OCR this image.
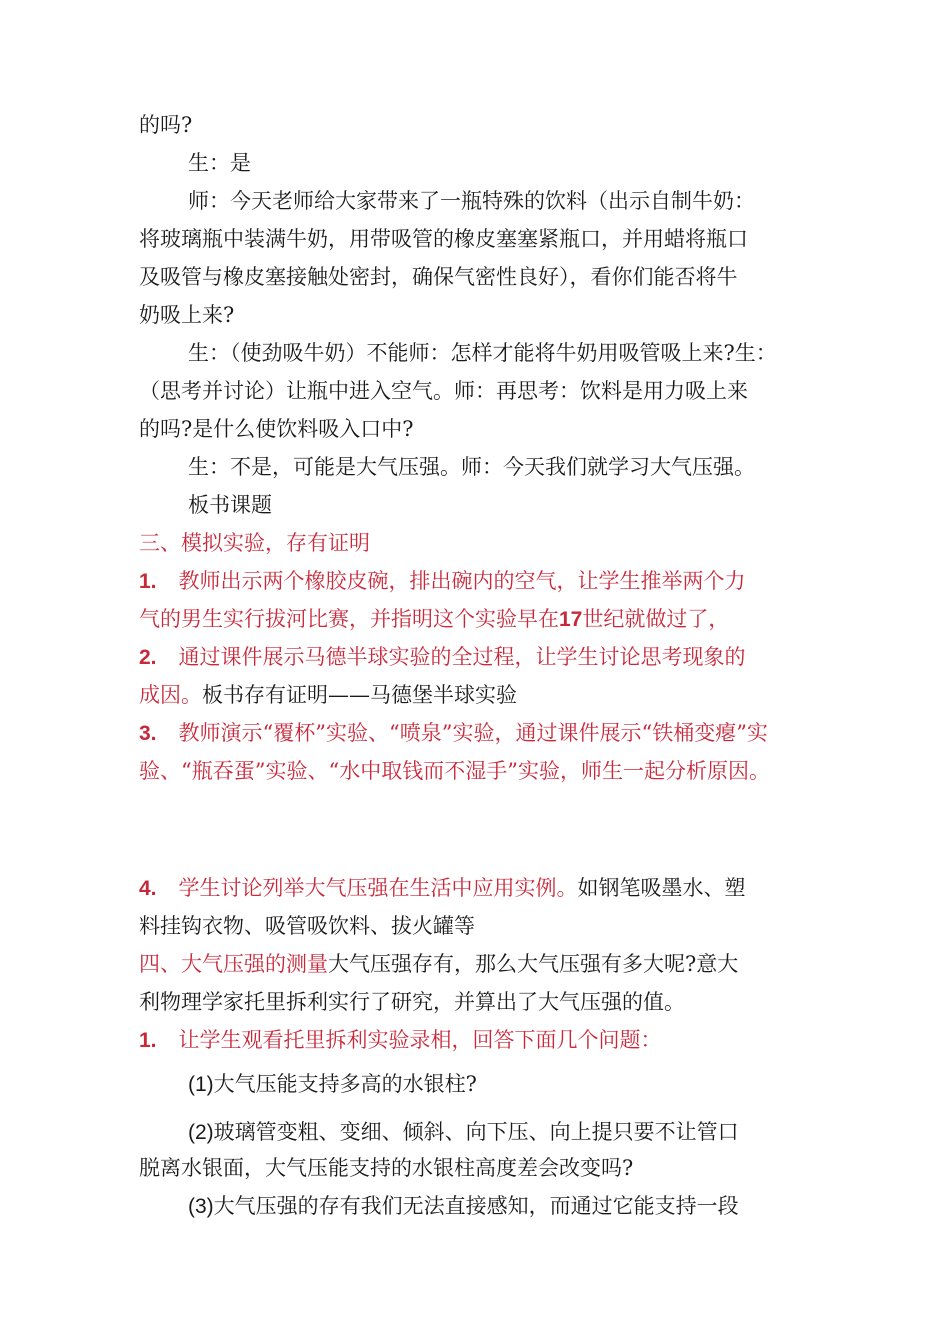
的吗?
生：是
师：今天老师给大家带来了一瓶特殊的饮料（出示自制牛奶：
将玻璃瓶中装满牛奶，用带吸管的橡皮塞塞紧瓶口，并用蜡将瓶口
及吸管与橡皮塞接触处密封，确保气密性良好），看你们能否将牛
奶吸上来?
生：（使劲吸牛奶）不能师：怎样才能将牛奶用吸管吸上来?生：
（思考并讨论）让瓶中进入空气。师：再思考：饮料是用力吸上来
的吗?是什么使饮料吸入口中?
生：不是，可能是大气压强。师：今天我们就学习大气压强。
板书课题
三、模拟实验，存有证明
1. 教师出示两个橡胶皮碗，排出碗内的空气，让学生推举两个力
气的男生实行拔河比赛，并指明这个实验早在17世纪就做过了，
2. 通过课件展示马德半球实验的全过程，让学生讨论思考现象的
成因。板书存有证明——马德堡半球实验
3. 教师演示“覆杯”实验、“喷泉”实验，通过课件展示“铁桶变瘪”实
验、“瓶吞蛋”实验、“水中取钱而不湿手”实验，师生一起分析原因。
4. 学生讨论列举大气压强在生活中应用实例。如钢笔吸墨水、塑
料挂钩衣物、吸管吸饮料、拔火罐等
四、大气压强的测量大气压强存有，那么大气压强有多大呢?意大
利物理学家托里拆利实行了研究，并算出了大气压强的值。
1. 让学生观看托里拆利实验录相，回答下面几个问题：
(1)大气压能支持多高的水银柱?
(2)玻璃管变粗、变细、倾斜、向下压、向上提只要不让管口
脱离水银面，大气压能支持的水银柱高度差会改变吗?
(3)大气压强的存有我们无法直接感知，而通过它能支持一段
